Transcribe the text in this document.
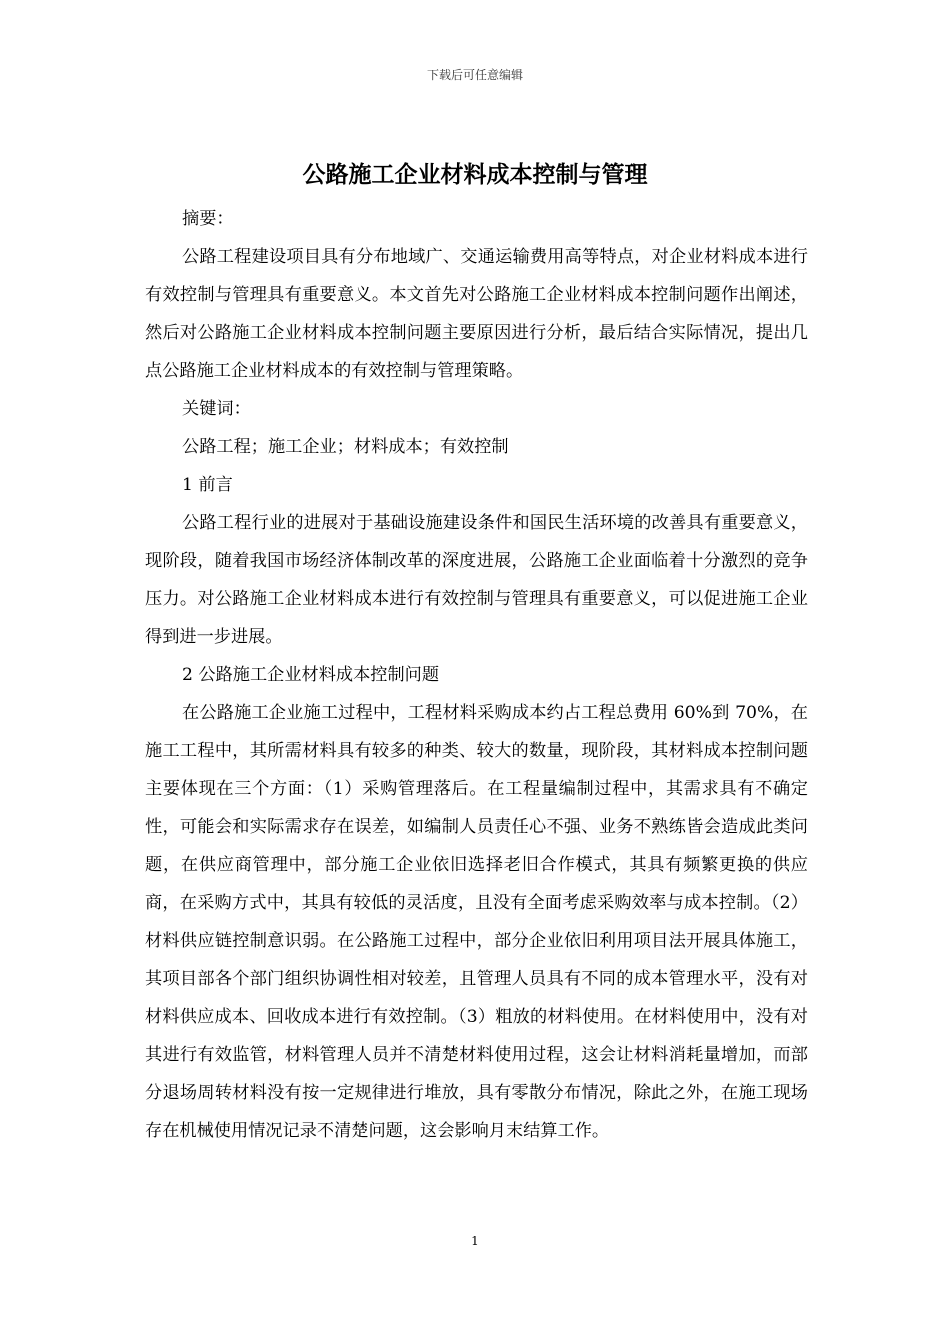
下载后可任意编辑
公路施工企业材料成本控制与管理
摘要：
公路工程建设项目具有分布地域广、交通运输费用高等特点，对企业材料成本进行有效控制与管理具有重要意义。本文首先对公路施工企业材料成本控制问题作出阐述，然后对公路施工企业材料成本控制问题主要原因进行分析，最后结合实际情况，提出几点公路施工企业材料成本的有效控制与管理策略。
关键词：
公路工程；施工企业；材料成本；有效控制
1 前言
公路工程行业的进展对于基础设施建设条件和国民生活环境的改善具有重要意义，现阶段，随着我国市场经济体制改革的深度进展，公路施工企业面临着十分激烈的竞争压力。对公路施工企业材料成本进行有效控制与管理具有重要意义，可以促进施工企业得到进一步进展。
2 公路施工企业材料成本控制问题
在公路施工企业施工过程中，工程材料采购成本约占工程总费用 60%到 70%，在施工工程中，其所需材料具有较多的种类、较大的数量，现阶段，其材料成本控制问题主要体现在三个方面：（1）采购管理落后。在工程量编制过程中，其需求具有不确定性，可能会和实际需求存在误差，如编制人员责任心不强、业务不熟练皆会造成此类问题，在供应商管理中，部分施工企业依旧选择老旧合作模式，其具有频繁更换的供应商，在采购方式中，其具有较低的灵活度，且没有全面考虑采购效率与成本控制。（2）材料供应链控制意识弱。在公路施工过程中，部分企业依旧利用项目法开展具体施工，其项目部各个部门组织协调性相对较差，且管理人员具有不同的成本管理水平，没有对材料供应成本、回收成本进行有效控制。（3）粗放的材料使用。在材料使用中，没有对其进行有效监管，材料管理人员并不清楚材料使用过程，这会让材料消耗量增加，而部分退场周转材料没有按一定规律进行堆放，具有零散分布情况，除此之外，在施工现场存在机械使用情况记录不清楚问题，这会影响月末结算工作。
1
